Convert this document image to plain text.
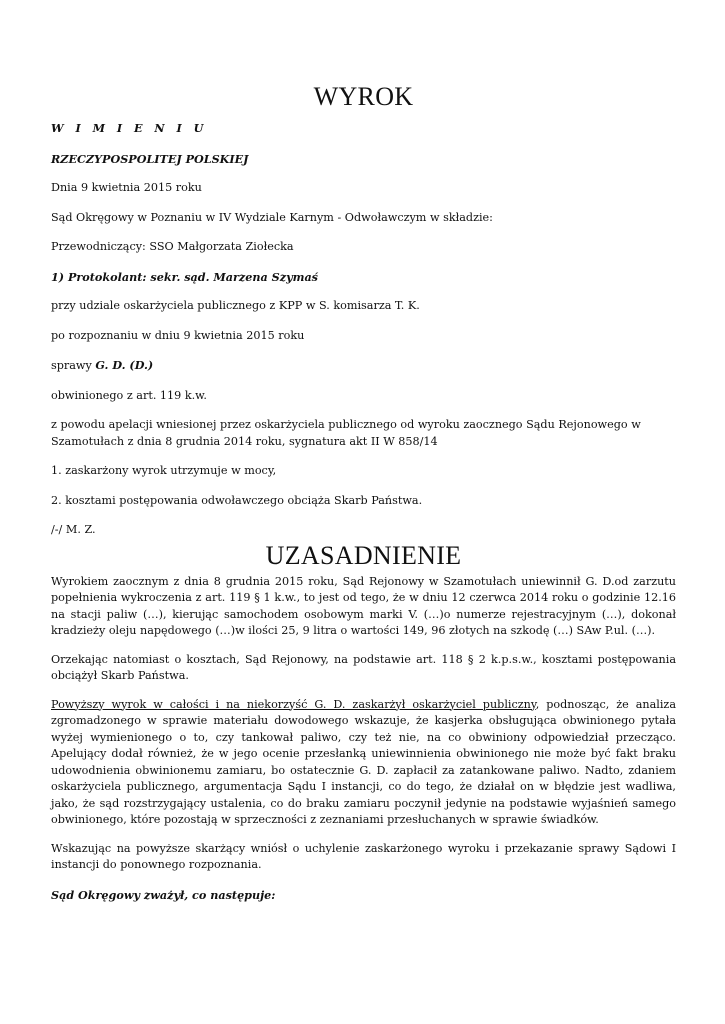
WYROK

W I M I E N I U

RZECZYPOSPOLITEJ POLSKIEJ

Dnia 9 kwietnia 2015 roku

Sąd Okręgowy w Poznaniu w IV Wydziale Karnym - Odwoławczym w składzie:

Przewodniczący: SSO Małgorzata Ziołecka

1) Protokolant: sekr. sąd. Marzena Szymaś

przy udziale oskarżyciela publicznego z KPP w S. komisarza T. K.

po rozpoznaniu w dniu 9 kwietnia 2015 roku

sprawy G. D. (D.)

obwinionego z art. 119 k.w.

z powodu apelacji wniesionej przez oskarżyciela publicznego od wyroku zaocznego Sądu Rejonowego w Szamotułach z dnia 8 grudnia 2014 roku, sygnatura akt II W 858/14

1. zaskarżony wyrok utrzymuje w mocy,

2. kosztami postępowania odwoławczego obciąża Skarb Państwa.

/-/ M. Z.

UZASADNIENIE

Wyrokiem zaocznym z dnia 8 grudnia 2015 roku, Sąd Rejonowy w Szamotułach uniewinnił G. D.od zarzutu popełnienia wykroczenia z art. 119 § 1 k.w., to jest od tego, że w dniu 12 czerwca 2014 roku o godzinie 12.16 na stacji paliw (…), kierując samochodem osobowym marki V. (…)o numerze rejestracyjnym (…), dokonał kradzieży oleju napędowego (…)w ilości 25, 9 litra o wartości 149, 96 złotych na szkodę (…) SAw P.ul. (…).

Orzekając natomiast o kosztach, Sąd Rejonowy, na podstawie art. 118 § 2 k.p.s.w., kosztami postępowania obciążył Skarb Państwa.

Powyższy wyrok w całości i na niekorzyść G. D. zaskarżył oskarżyciel publiczny, podnosząc, że analiza zgromadzonego w sprawie materiału dowodowego wskazuje, że kasjerka obsługująca obwinionego pytała wyżej wymienionego o to, czy tankował paliwo, czy też nie, na co obwiniony odpowiedział przecząco. Apelujący dodał również, że w jego ocenie przesłanką uniewinnienia obwinionego nie może być fakt braku udowodnienia obwinionemu zamiaru, bo ostatecznie G. D. zapłacił za zatankowane paliwo. Nadto, zdaniem oskarżyciela publicznego, argumentacja Sądu I instancji, co do tego, że działał on w błędzie jest wadliwa, jako, że sąd rozstrzygający ustalenia, co do braku zamiaru poczynił jedynie na podstawie wyjaśnień samego obwinionego, które pozostają w sprzeczności z zeznaniami przesłuchanych w sprawie świadków.

Wskazując na powyższe skarżący wniósł o uchylenie zaskarżonego wyroku i przekazanie sprawy Sądowi I instancji do ponownego rozpoznania.

Sąd Okręgowy zważył, co następuje:
